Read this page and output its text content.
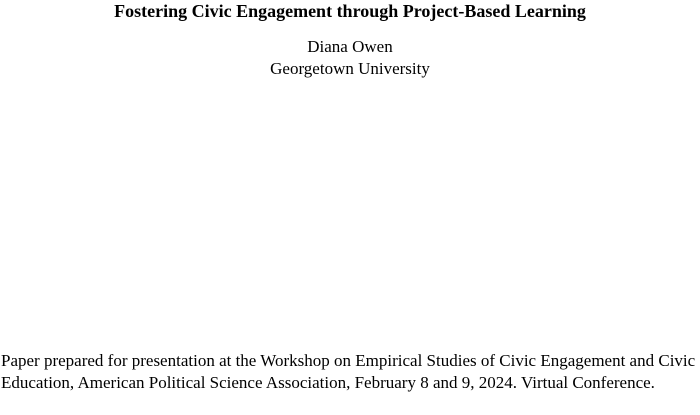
Fostering Civic Engagement through Project-Based Learning
Diana Owen
Georgetown University

Paper prepared for presentation at the Workshop on Empirical Studies of Civic Engagement and Civic Education, American Political Science Association, February 8 and 9, 2024. Virtual Conference.
